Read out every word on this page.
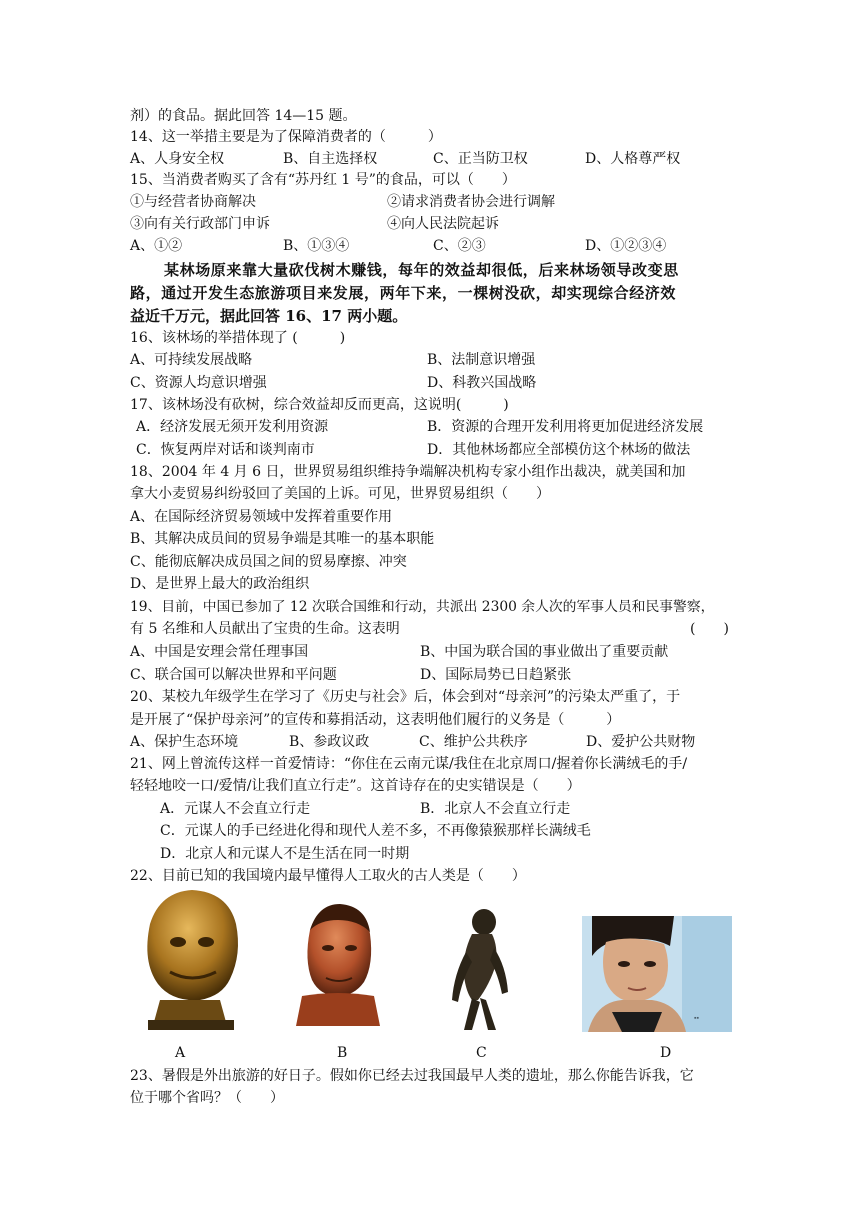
剂）的食品。据此回答 14—15 题。
14、这一举措主要是为了保障消费者的（　　　）
A、人身安全权	B、自主选择权	C、正当防卫权	D、人格尊严权
15、当消费者购买了含有“苏丹红 1 号”的食品，可以（　　）
①与经营者协商解决	②请求消费者协会进行调解
③向有关行政部门申诉	④向人民法院起诉
A、①②	B、①③④	C、②③	D、①②③④
某林场原来靠大量砍伐树木赚钱，每年的效益却很低，后来林场领导改变思
路，通过开发生态旅游项目来发展，两年下来，一棵树没砍，却实现综合经济效
益近千万元，据此回答 16、17 两小题。
16、该林场的举措体现了 (　　　)
A、可持续发展战略	B、法制意识增强
C、资源人均意识增强	D、科教兴国战略
17、该林场没有砍树，综合效益却反而更高，这说明(　　　)
A．经济发展无须开发利用资源	B．资源的合理开发利用将更加促进经济发展
C．恢复两岸对话和谈判南市	D．其他林场都应全部模仿这个林场的做法
18、2004 年 4 月 6 日，世界贸易组织维持争端解决机构专家小组作出裁决，就美国和加
拿大小麦贸易纠纷驳回了美国的上诉。可见，世界贸易组织（　　）
A、在国际经济贸易领域中发挥着重要作用
B、其解决成员间的贸易争端是其唯一的基本职能
C、能彻底解决成员国之间的贸易摩擦、冲突
D、是世界上最大的政治组织
19、目前，中国已参加了 12 次联合国维和行动，共派出 2300 余人次的军事人员和民事警察，
有 5 名维和人员献出了宝贵的生命。这表明	(　　)
A、中国是安理会常任理事国	B、中国为联合国的事业做出了重要贡献
C、联合国可以解决世界和平问题	D、国际局势已日趋紧张
20、某校九年级学生在学习了《历史与社会》后，体会到对“母亲河”的污染太严重了，于
是开展了“保护母亲河”的宣传和募捐活动，这表明他们履行的义务是（　　　）
A、保护生态环境	B、参政议政	C、维护公共秩序	D、爱护公共财物
21、网上曾流传这样一首爱情诗：“你住在云南元谋/我住在北京周口/握着你长满绒毛的手/
轻轻地咬一口/爱情/让我们直立行走”。这首诗存在的史实错误是（　　）
A．元谋人不会直立行走	B．北京人不会直立行走
C．元谋人的手已经进化得和现代人差不多，不再像猿猴那样长满绒毛
D．北京人和元谋人不是生活在同一时期
22、目前已知的我国境内最早懂得人工取火的古人类是（　　）
▪▪
A	B	C	D
23、暑假是外出旅游的好日子。假如你已经去过我国最早人类的遗址，那么你能告诉我，它
位于哪个省吗？（　　）
